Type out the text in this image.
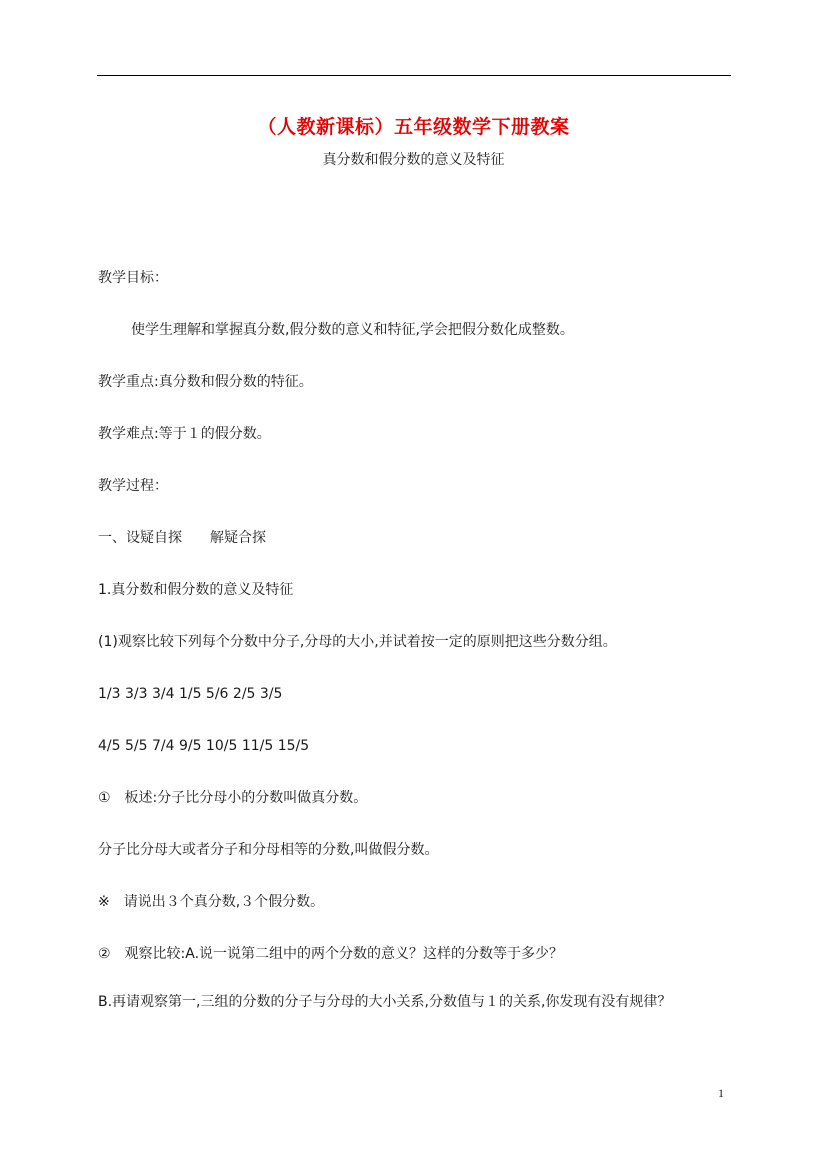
（人教新课标）五年级数学下册教案
真分数和假分数的意义及特征
教学目标：
使学生理解和掌握真分数,假分数的意义和特征,学会把假分数化成整数。
教学重点:真分数和假分数的特征。
教学难点:等于１的假分数。
教学过程：
一、设疑自探　　解疑合探
1.真分数和假分数的意义及特征
(1)观察比较下列每个分数中分子,分母的大小,并试着按一定的原则把这些分数分组。
1/3 3/3 3/4 1/5 5/6 2/5 3/5
4/5 5/5 7/4 9/5 10/5 11/5 15/5
①　板述:分子比分母小的分数叫做真分数。
分子比分母大或者分子和分母相等的分数,叫做假分数。
※　请说出３个真分数,３个假分数。
②　观察比较:A.说一说第二组中的两个分数的意义？这样的分数等于多少？
B.再请观察第一,三组的分数的分子与分母的大小关系,分数值与１的关系,你发现有没有规律？
1
